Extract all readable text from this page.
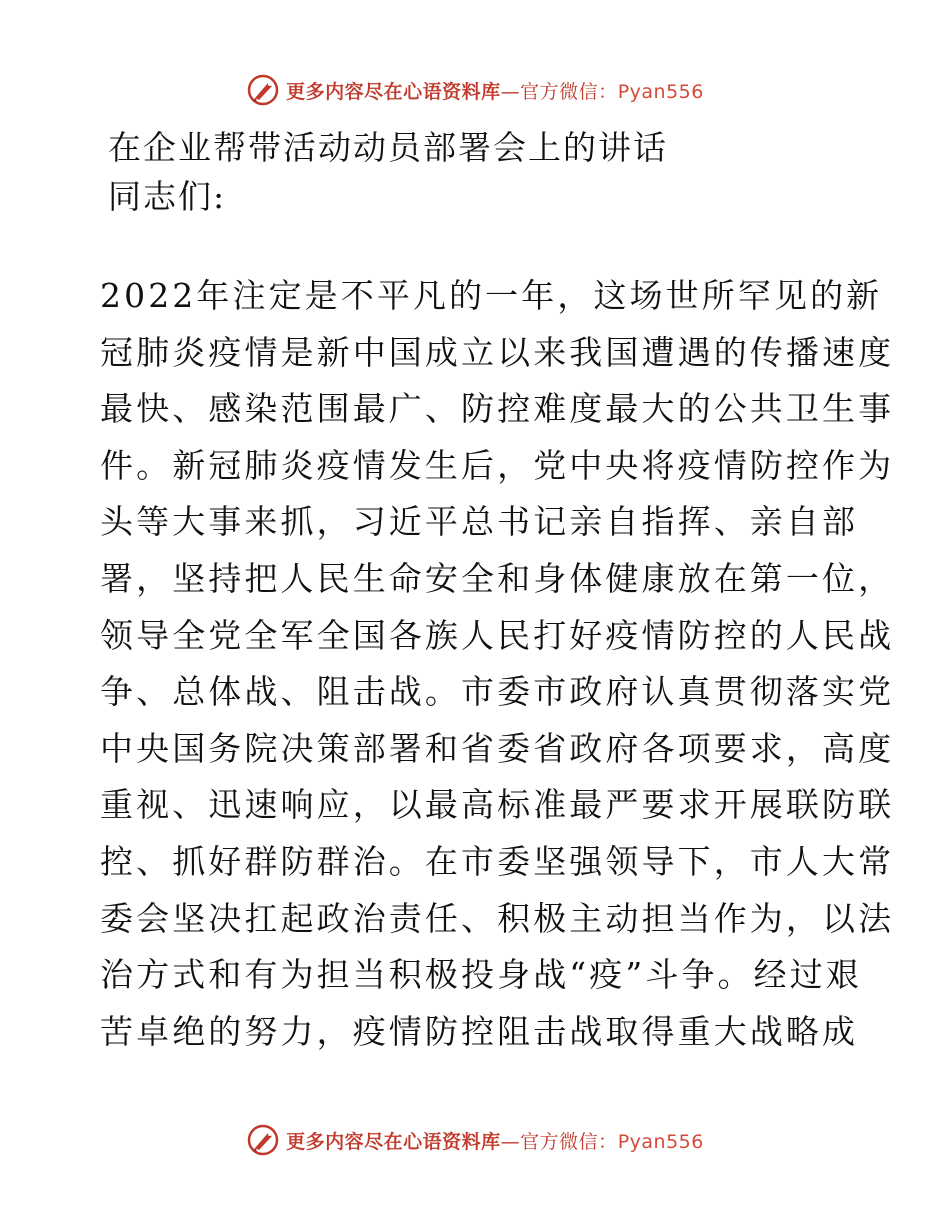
更多内容尽在心语资料库—官方微信：Pyan556
在企业帮带活动动员部署会上的讲话
同志们:
2022年注定是不平凡的一年，这场世所罕见的新
冠肺炎疫情是新中国成立以来我国遭遇的传播速度
最快、感染范围最广、防控难度最大的公共卫生事
件。新冠肺炎疫情发生后，党中央将疫情防控作为
头等大事来抓，习近平总书记亲自指挥、亲自部
署，坚持把人民生命安全和身体健康放在第一位，
领导全党全军全国各族人民打好疫情防控的人民战
争、总体战、阻击战。市委市政府认真贯彻落实党
中央国务院决策部署和省委省政府各项要求，高度
重视、迅速响应，以最高标准最严要求开展联防联
控、抓好群防群治。在市委坚强领导下，市人大常
委会坚决扛起政治责任、积极主动担当作为，以法
治方式和有为担当积极投身战“疫”斗争。经过艰
苦卓绝的努力，疫情防控阻击战取得重大战略成
更多内容尽在心语资料库—官方微信：Pyan556
